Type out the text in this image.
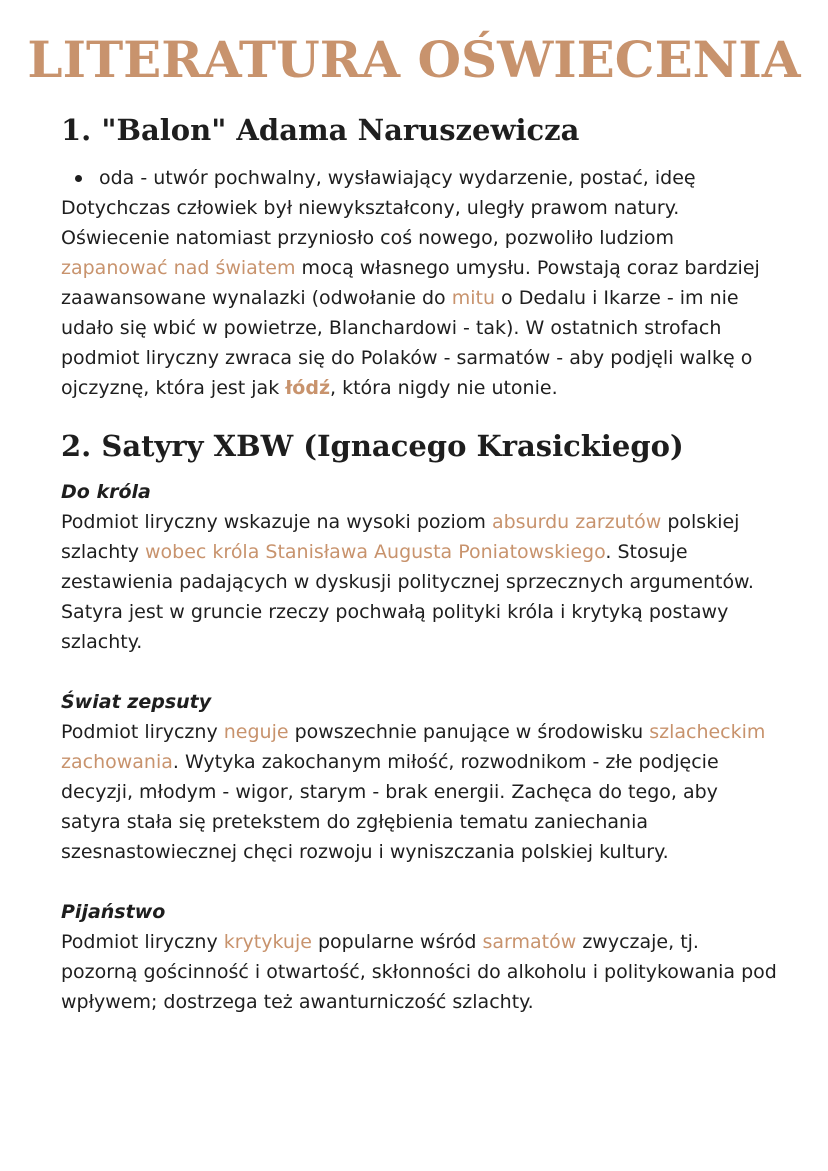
LITERATURA OŚWIECENIA
1. "Balon" Adama Naruszewicza
oda - utwór pochwalny, wysławiający wydarzenie, postać, ideę

Dotychczas człowiek był niewykształcony, uległy prawom natury. Oświecenie natomiast przyniosło coś nowego, pozwoliło ludziom zapanować nad światem mocą własnego umysłu. Powstają coraz bardziej zaawansowane wynalazki (odwołanie do mitu o Dedalu i Ikarze - im nie udało się wbić w powietrze, Blanchardowi - tak). W ostatnich strofach podmiot liryczny zwraca się do Polaków - sarmatów - aby podjęli walkę o ojczyznę, która jest jak łódź, która nigdy nie utonie.

2. Satyry XBW (Ignacego Krasickiego)
Do króla

Podmiot liryczny wskazuje na wysoki poziom absurdu zarzutów polskiej szlachty wobec króla Stanisława Augusta Poniatowskiego. Stosuje zestawienia padających w dyskusji politycznej sprzecznych argumentów. Satyra jest w gruncie rzeczy pochwałą polityki króla i krytyką postawy szlachty.

Świat zepsuty

Podmiot liryczny neguje powszechnie panujące w środowisku szlacheckim zachowania. Wytyka zakochanym miłość, rozwodnikom - złe podjęcie decyzji, młodym - wigor, starym - brak energii. Zachęca do tego, aby satyra stała się pretekstem do zgłębienia tematu zaniechania szesnastowiecznej chęci rozwoju i wyniszczania polskiej kultury.

Pijaństwo

Podmiot liryczny krytykuje popularne wśród sarmatów zwyczaje, tj. pozorną gościnność i otwartość, skłonności do alkoholu i politykowania pod wpływem; dostrzega też awanturniczość szlachty.
